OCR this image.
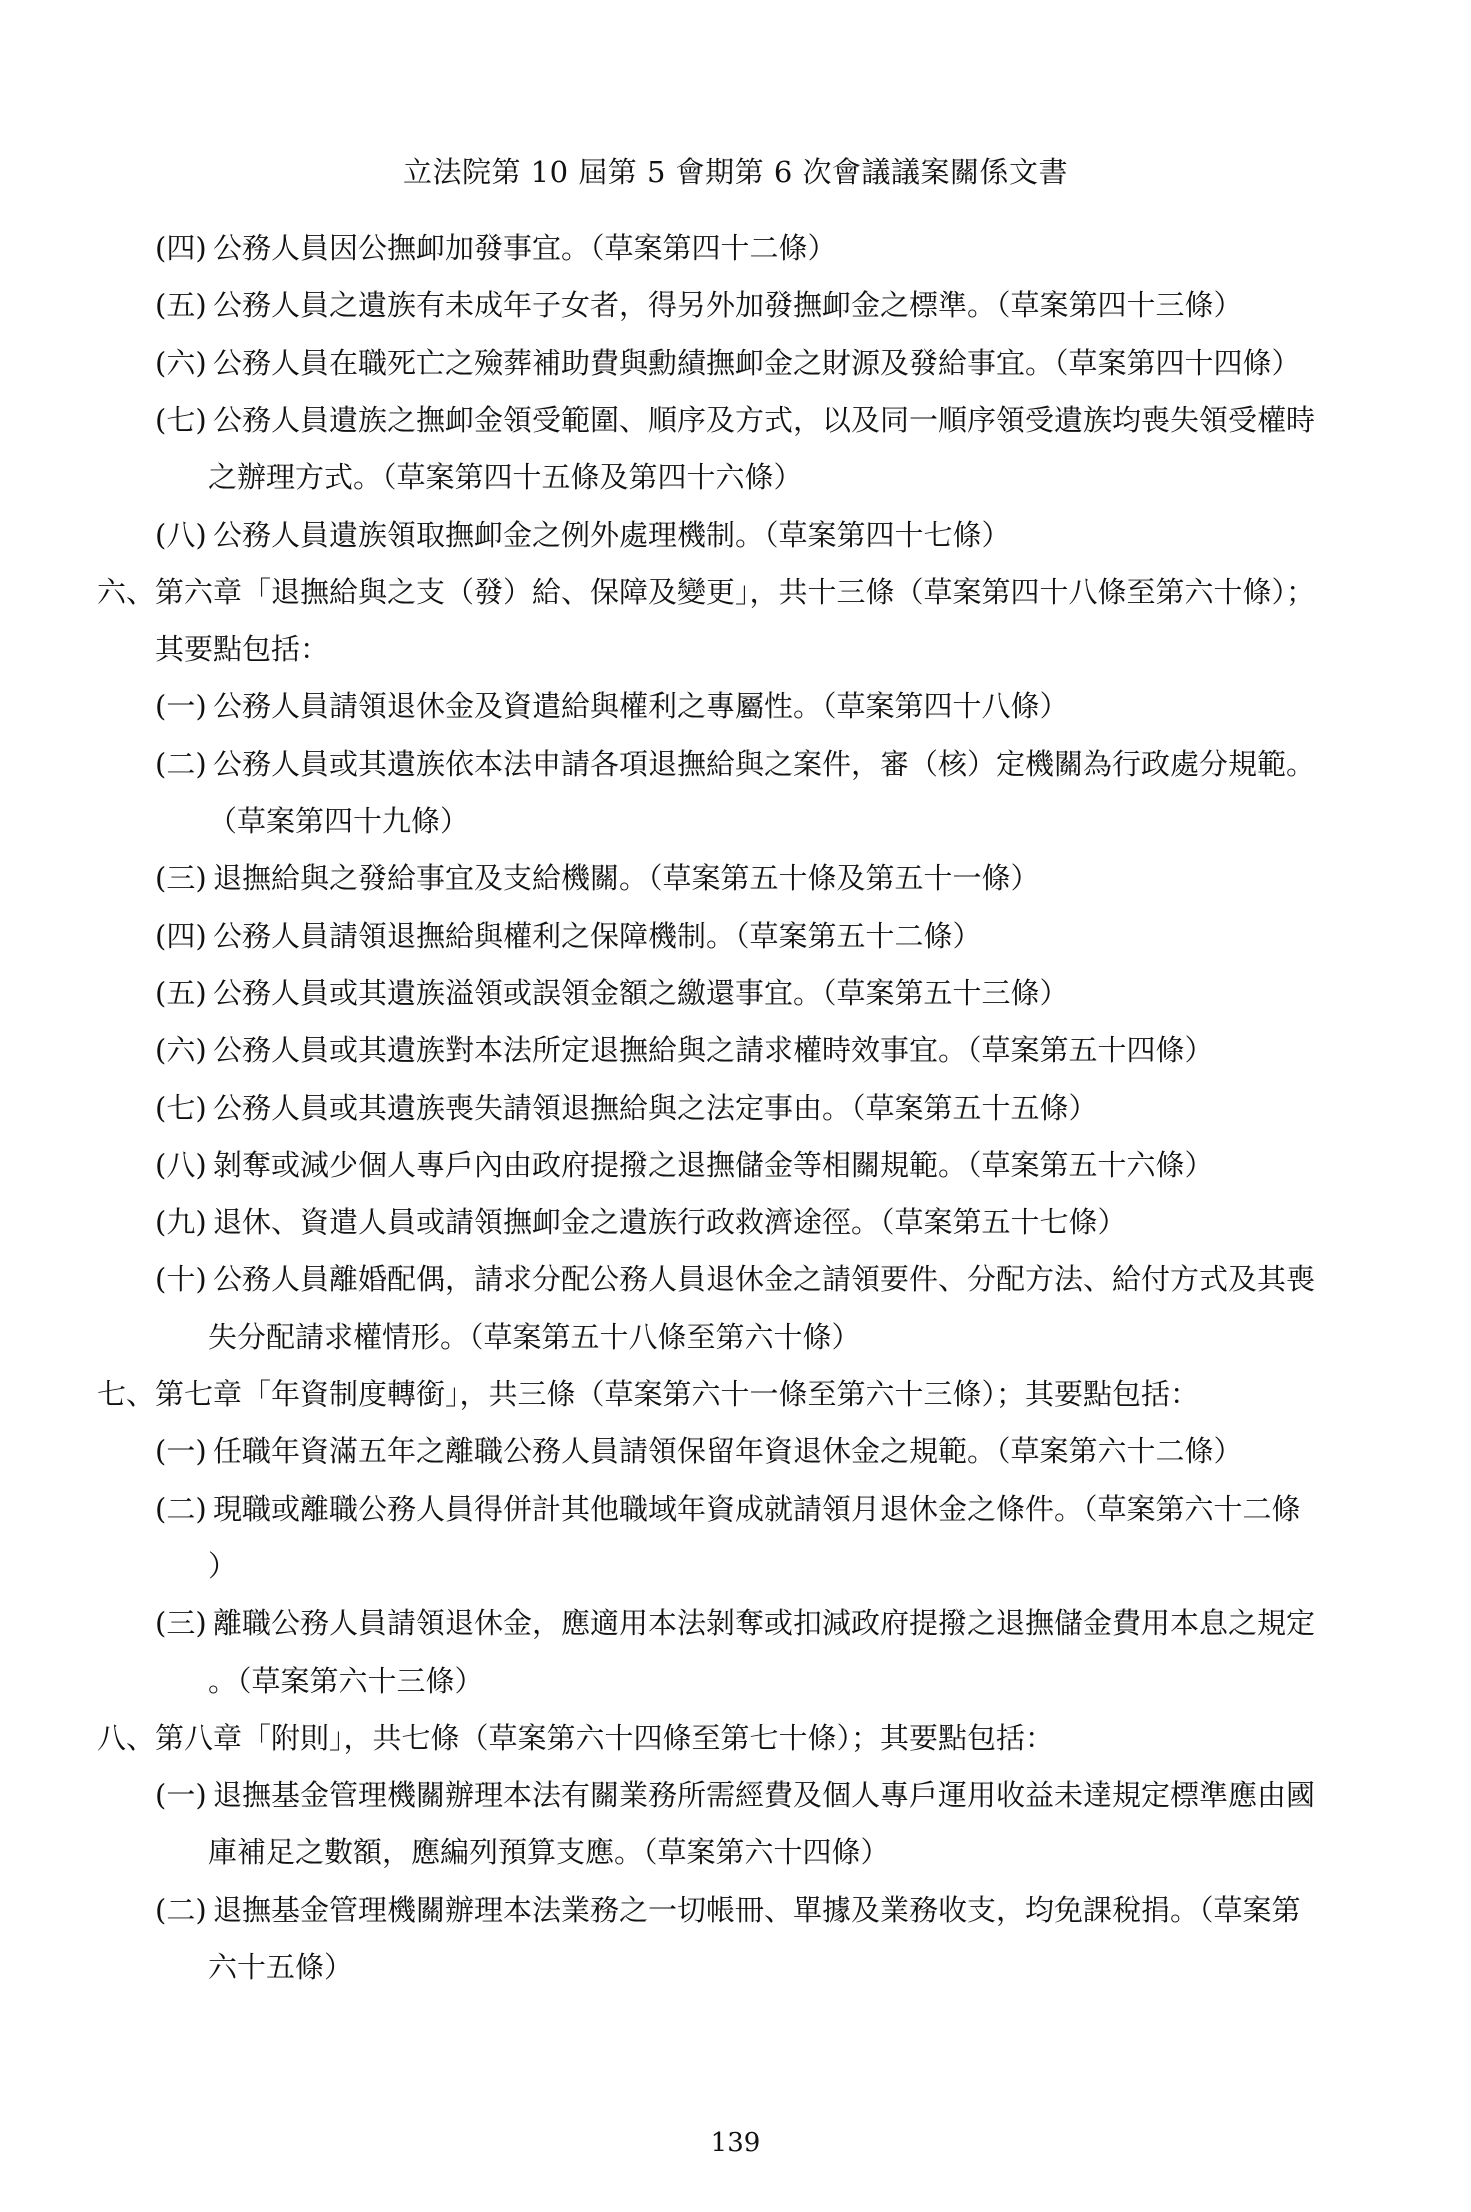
立法院第 10 屆第 5 會期第 6 次會議議案關係文書
(四) 公務人員因公撫卹加發事宜。（草案第四十二條）
(五) 公務人員之遺族有未成年子女者，得另外加發撫卹金之標準。（草案第四十三條）
(六) 公務人員在職死亡之殮葬補助費與勳績撫卹金之財源及發給事宜。（草案第四十四條）
(七) 公務人員遺族之撫卹金領受範圍、順序及方式，以及同一順序領受遺族均喪失領受權時
之辦理方式。（草案第四十五條及第四十六條）
(八) 公務人員遺族領取撫卹金之例外處理機制。（草案第四十七條）
六、第六章「退撫給與之支（發）給、保障及變更」，共十三條（草案第四十八條至第六十條）；
其要點包括：
(一) 公務人員請領退休金及資遣給與權利之專屬性。（草案第四十八條）
(二) 公務人員或其遺族依本法申請各項退撫給與之案件，審（核）定機關為行政處分規範。
（草案第四十九條）
(三) 退撫給與之發給事宜及支給機關。（草案第五十條及第五十一條）
(四) 公務人員請領退撫給與權利之保障機制。（草案第五十二條）
(五) 公務人員或其遺族溢領或誤領金額之繳還事宜。（草案第五十三條）
(六) 公務人員或其遺族對本法所定退撫給與之請求權時效事宜。（草案第五十四條）
(七) 公務人員或其遺族喪失請領退撫給與之法定事由。（草案第五十五條）
(八) 剝奪或減少個人專戶內由政府提撥之退撫儲金等相關規範。（草案第五十六條）
(九) 退休、資遣人員或請領撫卹金之遺族行政救濟途徑。（草案第五十七條）
(十) 公務人員離婚配偶，請求分配公務人員退休金之請領要件、分配方法、給付方式及其喪
失分配請求權情形。（草案第五十八條至第六十條）
七、第七章「年資制度轉銜」，共三條（草案第六十一條至第六十三條）；其要點包括：
(一) 任職年資滿五年之離職公務人員請領保留年資退休金之規範。（草案第六十二條）
(二) 現職或離職公務人員得併計其他職域年資成就請領月退休金之條件。（草案第六十二條
）
(三) 離職公務人員請領退休金，應適用本法剝奪或扣減政府提撥之退撫儲金費用本息之規定
。（草案第六十三條）
八、第八章「附則」，共七條（草案第六十四條至第七十條）；其要點包括：
(一) 退撫基金管理機關辦理本法有關業務所需經費及個人專戶運用收益未達規定標準應由國
庫補足之數額，應編列預算支應。（草案第六十四條）
(二) 退撫基金管理機關辦理本法業務之一切帳冊、單據及業務收支，均免課稅捐。（草案第
六十五條）
139
